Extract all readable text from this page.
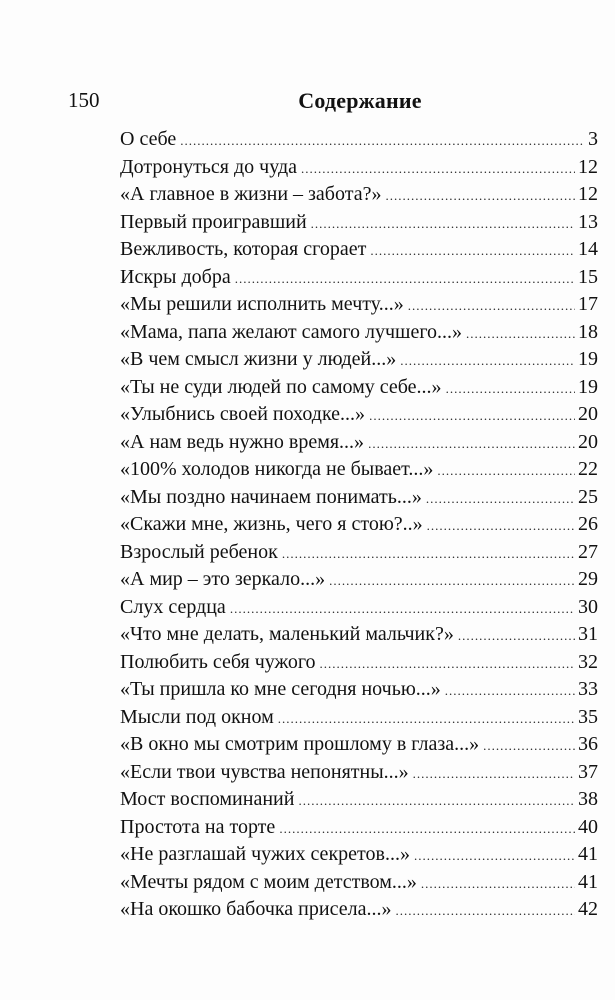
150	Содержание
О себе .....	3
Дотронуться до чуда .....	12
«А главное в жизни – забота?» .....	12
Первый проигравший .....	13
Вежливость, которая сгорает .....	14
Искры добра .....	15
«Мы решили исполнить мечту...» .....	17
«Мама, папа желают самого лучшего...» .....	18
«В чем смысл жизни у людей...» .....	19
«Ты не суди людей по самому себе...» .....	19
«Улыбнись своей походке...» .....	20
«А нам ведь нужно время...» .....	20
«100% холодов никогда не бывает...» .....	22
«Мы поздно начинаем понимать...» .....	25
«Скажи мне, жизнь, чего я стою?..» .....	26
Взрослый ребенок .....	27
«А мир – это зеркало...» .....	29
Слух сердца .....	30
«Что мне делать, маленький мальчик?» .....	31
Полюбить себя чужого .....	32
«Ты пришла ко мне сегодня ночью...» .....	33
Мысли под окном .....	35
«В окно мы смотрим прошлому в глаза...» .....	36
«Если твои чувства непонятны...» .....	37
Мост воспоминаний .....	38
Простота на торте .....	40
«Не разглашай чужих секретов...» .....	41
«Мечты рядом с моим детством...» .....	41
«На окошко бабочка присела...» .....	42
